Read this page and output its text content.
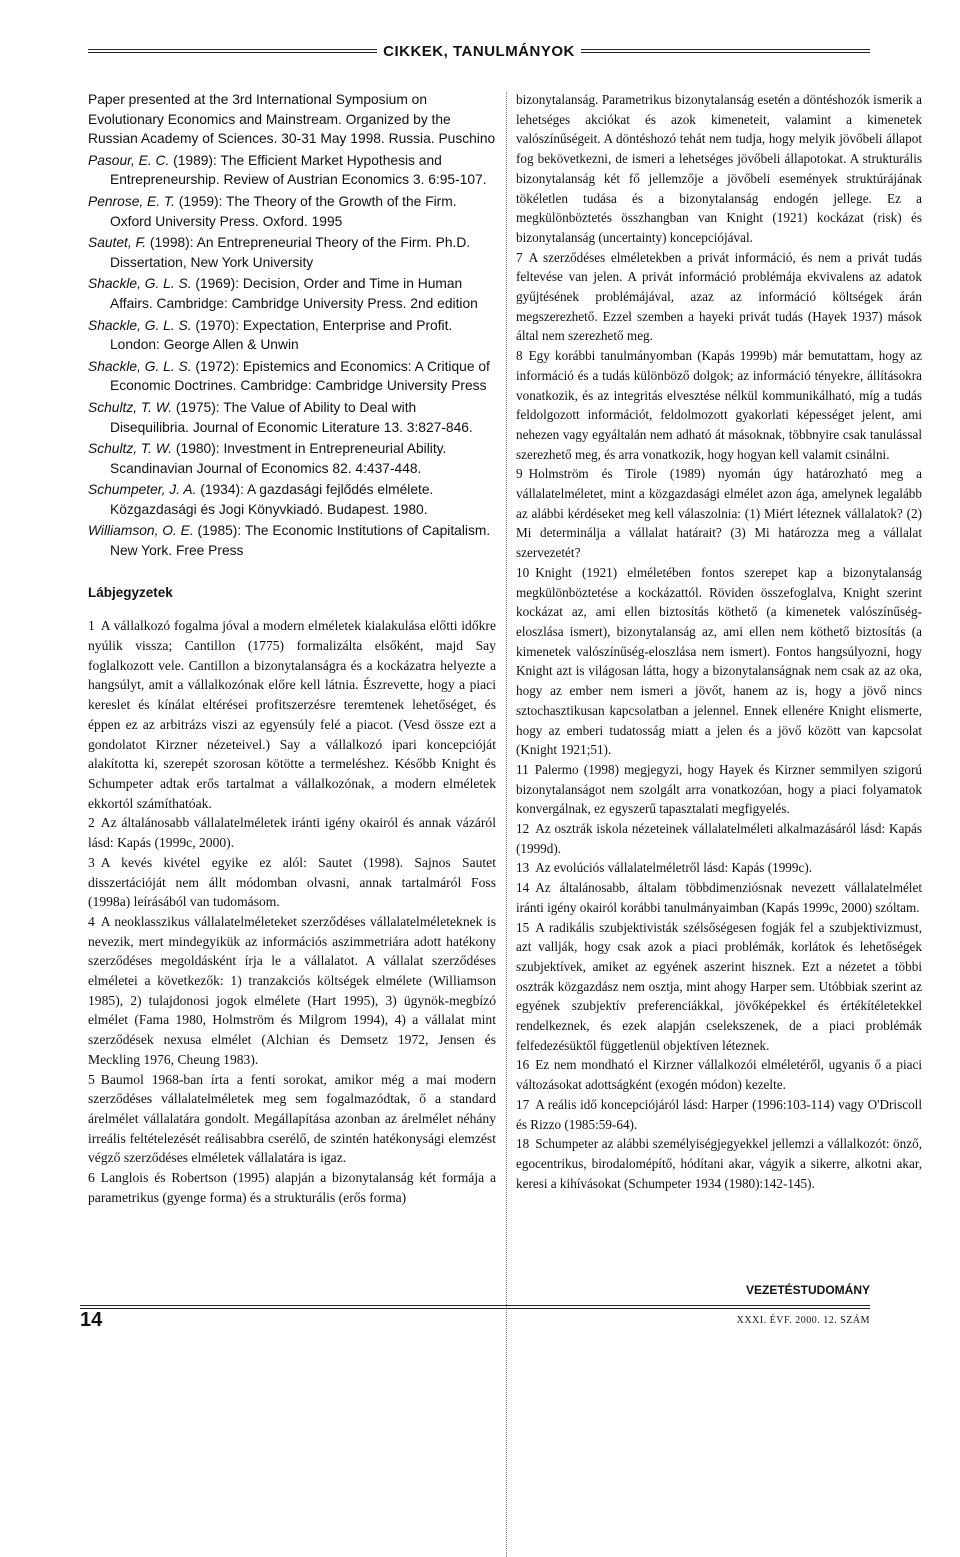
CIKKEK, TANULMÁNYOK

Paper presented at the 3rd International Symposium on Evolutionary Economics and Mainstream. Organized by the Russian Academy of Sciences. 30-31 May 1998. Russia. Puschino

Pasour, E. C. (1989): The Efficient Market Hypothesis and Entrepreneurship. Review of Austrian Economics 3. 6:95-107.

Penrose, E. T. (1959): The Theory of the Growth of the Firm. Oxford University Press. Oxford. 1995

Sautet, F. (1998): An Entrepreneurial Theory of the Firm. Ph.D. Dissertation, New York University

Shackle, G. L. S. (1969): Decision, Order and Time in Human Affairs. Cambridge: Cambridge University Press. 2nd edition

Shackle, G. L. S. (1970): Expectation, Enterprise and Profit. London: George Allen & Unwin

Shackle, G. L. S. (1972): Epistemics and Economics: A Critique of Economic Doctrines. Cambridge: Cambridge University Press

Schultz, T. W. (1975): The Value of Ability to Deal with Disequilibria. Journal of Economic Literature 13. 3:827-846.

Schultz, T. W. (1980): Investment in Entrepreneurial Ability. Scandinavian Journal of Economics 82. 4:437-448.

Schumpeter, J. A. (1934): A gazdasági fejlődés elmélete. Közgazdasági és Jogi Könyvkiadó. Budapest. 1980.

Williamson, O. E. (1985): The Economic Institutions of Capitalism. New York. Free Press

Lábjegyzetek

1 A vállalkozó fogalma jóval a modern elméletek kialakulása előtti időkre nyúlik vissza; Cantillon (1775) formalizálta elsőként, majd Say foglalkozott vele. Cantillon a bizonytalanságra és a kockázatra helyezte a hangsúlyt, amit a vállalkozónak előre kell látnia. Észrevette, hogy a piaci kereslet és kínálat eltérései profitszerzésre teremtenek lehetőséget, és éppen ez az arbitrázs viszi az egyensúly felé a piacot. (Vesd össze ezt a gondolatot Kirzner nézeteivel.) Say a vállalkozó ipari koncepcióját alakította ki, szerepét szorosan kötötte a termeléshez. Később Knight és Schumpeter adtak erős tartalmat a vállalkozónak, a modern elméletek ekkortól számíthatóak.

2 Az általánosabb vállalatelméletek iránti igény okairól és annak vázáról lásd: Kapás (1999c, 2000).

3 A kevés kivétel egyike ez alól: Sautet (1998). Sajnos Sautet disszertációját nem állt módomban olvasni, annak tartalmáról Foss (1998a) leírásából van tudomásom.

4 A neoklasszikus vállalatelméleteket szerződéses vállalatelméleteknek is nevezik, mert mindegyikük az információs aszimmetriára adott hatékony szerződéses megoldásként írja le a vállalatot. A vállalat szerződéses elméletei a következők: 1) tranzakciós költségek elmélete (Williamson 1985), 2) tulajdonosi jogok elmélete (Hart 1995), 3) ügynök-megbízó elmélet (Fama 1980, Holmström és Milgrom 1994), 4) a vállalat mint szerződések nexusa elmélet (Alchian és Demsetz 1972, Jensen és Meckling 1976, Cheung 1983).

5 Baumol 1968-ban írta a fenti sorokat, amikor még a mai modern szerződéses vállalatelméletek meg sem fogalmazódtak, ő a standard árelmélet vállalatára gondolt. Megállapítása azonban az árelmélet néhány irreális feltételezését reálisabbra cserélő, de szintén hatékonysági elemzést végző szerződéses elméletek vállalatára is igaz.

6 Langlois és Robertson (1995) alapján a bizonytalanság két formája a parametrikus (gyenge forma) és a strukturális (erős forma)

bizonytalanság. Parametrikus bizonytalanság esetén a döntéshozók ismerik a lehetséges akciókat és azok kimeneteit, valamint a kimenetek valószínűségeit. A döntéshozó tehát nem tudja, hogy melyik jövőbeli állapot fog bekövetkezni, de ismeri a lehetséges jövőbeli állapotokat. A strukturális bizonytalanság két fő jellemzője a jövőbeli események struktúrájának tökéletlen tudása és a bizonytalanság endogén jellege. Ez a megkülönböztetés összhangban van Knight (1921) kockázat (risk) és bizonytalanság (uncertainty) koncepciójával.

7 A szerződéses elméletekben a privát információ, és nem a privát tudás feltevése van jelen. A privát információ problémája ekvivalens az adatok gyűjtésének problémájával, azaz az információ költségek árán megszerezhető. Ezzel szemben a hayeki privát tudás (Hayek 1937) mások által nem szerezhető meg.

8 Egy korábbi tanulmányomban (Kapás 1999b) már bemutattam, hogy az információ és a tudás különböző dolgok; az információ tényekre, állításokra vonatkozik, és az integritás elvesztése nélkül kommunikálható, míg a tudás feldolgozott információt, feldolmozott gyakorlati képességet jelent, ami nehezen vagy egyáltalán nem adható át másoknak, többnyire csak tanulással szerezhető meg, és arra vonatkozik, hogy hogyan kell valamit csinálni.

9 Holmström és Tirole (1989) nyomán úgy határozható meg a vállalatelméletet, mint a közgazdasági elmélet azon ága, amelynek legalább az alábbi kérdéseket meg kell válaszolnia: (1) Miért léteznek vállalatok? (2) Mi determinálja a vállalat határait? (3) Mi határozza meg a vállalat szervezetét?

10 Knight (1921) elméletében fontos szerepet kap a bizonytalanság megkülönböztetése a kockázattól. Röviden összefoglalva, Knight szerint kockázat az, ami ellen biztosítás köthető (a kimenetek valószínűség-eloszlása ismert), bizonytalanság az, ami ellen nem köthető biztosítás (a kimenetek valószínűség-eloszlása nem ismert). Fontos hangsúlyozni, hogy Knight azt is világosan látta, hogy a bizonytalanságnak nem csak az az oka, hogy az ember nem ismeri a jövőt, hanem az is, hogy a jövő nincs sztochasztikusan kapcsolatban a jelennel. Ennek ellenére Knight elismerte, hogy az emberi tudatosság miatt a jelen és a jövő között van kapcsolat (Knight 1921;51).

11 Palermo (1998) megjegyzi, hogy Hayek és Kirzner semmilyen szigorú bizonytalanságot nem szolgált arra vonatkozóan, hogy a piaci folyamatok konvergálnak, ez egyszerű tapasztalati megfigyelés.

12 Az osztrák iskola nézeteinek vállalatelméleti alkalmazásáról lásd: Kapás (1999d).

13 Az evolúciós vállalatelméletről lásd: Kapás (1999c).

14 Az általánosabb, általam többdimenziósnak nevezett vállalatelmélet iránti igény okairól korábbi tanulmányaimban (Kapás 1999c, 2000) szóltam.

15 A radikális szubjektivisták szélsőségesen fogják fel a szubjektivizmust, azt vallják, hogy csak azok a piaci problémák, korlátok és lehetőségek szubjektívek, amiket az egyének aszerint hisznek. Ezt a nézetet a többi osztrák közgazdász nem osztja, mint ahogy Harper sem. Utóbbiak szerint az egyének szubjektív preferenciákkal, jövőképekkel és értékítéletekkel rendelkeznek, és ezek alapján cselekszenek, de a piaci problémák felfedezésüktől függetlenül objektíven léteznek.

16 Ez nem mondható el Kirzner vállalkozói elméletéről, ugyanis ő a piaci változásokat adottságként (exogén módon) kezelte.

17 A reális idő koncepciójáról lásd: Harper (1996:103-114) vagy O'Driscoll és Rizzo (1985:59-64).

18 Schumpeter az alábbi személyiségjegyekkel jellemzi a vállalkozót: önző, egocentrikus, birodalomépítő, hódítani akar, vágyik a sikerre, alkotni akar, keresi a kihívásokat (Schumpeter 1934 (1980):142-145).

14
VEZETÉSTUDOMÁNY
XXXI. ÉVF. 2000. 12. SZÁM
